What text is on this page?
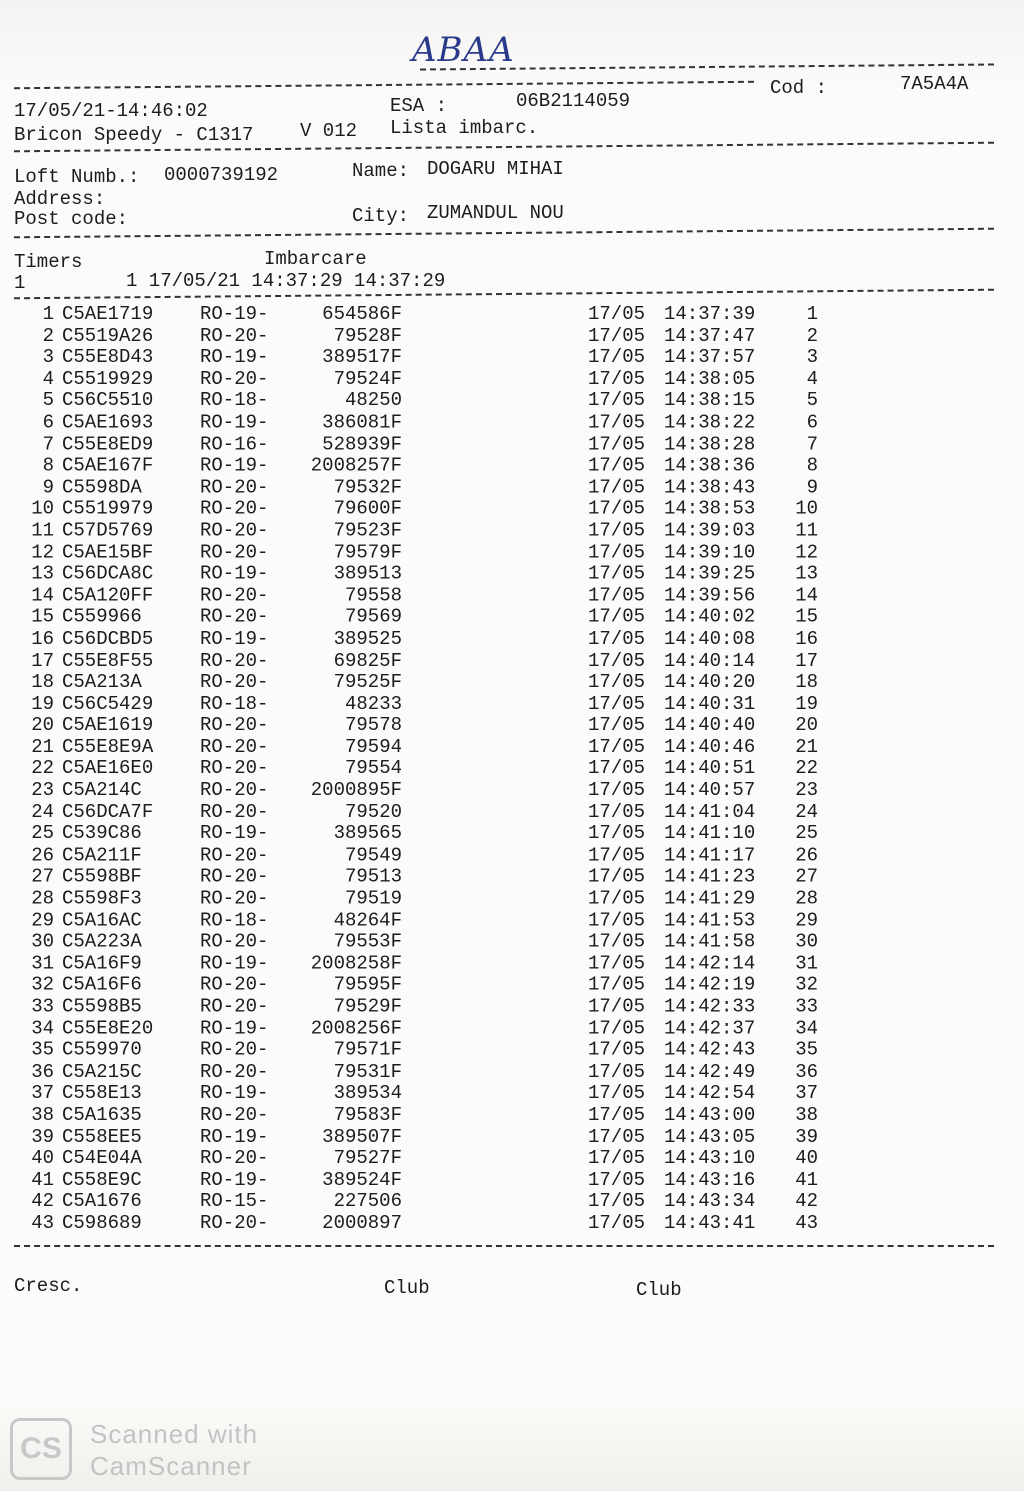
ABAA
Cod :	7A5A4A
17/05/21-14:46:02	ESA :	06B2114059
Bricon Speedy - C1317 V 012 Lista imbarc.
Loft Numb.: 0000739192	Name: DOGARU MIHAI
Address:
Post code:	City: ZUMANDUL NOU
Timers	Imbarcare
1	1 17/05/21 14:37:29 14:37:29
1 C5AE1719 RO-19-	654586F	17/05 14:37:39	1
2 C5519A26 RO-20-	79528F	17/05 14:37:47	2
3 C55E8D43 RO-19-	389517F	17/05 14:37:57	3
4 C5519929 RO-20-	79524F	17/05 14:38:05	4
5 C56C5510 RO-18-	48250	17/05 14:38:15	5
6 C5AE1693 RO-19-	386081F	17/05 14:38:22	6
7 C55E8ED9 RO-16-	528939F	17/05 14:38:28	7
8 C5AE167F RO-19-	2008257F	17/05 14:38:36	8
9 C5598DA	RO-20-	79532F	17/05 14:38:43	9
10 C5519979 RO-20-	79600F	17/05 14:38:53	10
11 C57D5769 RO-20-	79523F	17/05 14:39:03	11
12 C5AE15BF RO-20-	79579F	17/05 14:39:10	12
13 C56DCA8C RO-19-	389513	17/05 14:39:25	13
14 C5A120FF RO-20-	79558	17/05 14:39:56	14
15 C559966	RO-20-	79569	17/05 14:40:02	15
16 C56DCBD5 RO-19-	389525	17/05 14:40:08	16
17 C55E8F55 RO-20-	69825F	17/05 14:40:14	17
18 C5A213A	RO-20-	79525F	17/05 14:40:20	18
19 C56C5429 RO-18-	48233	17/05 14:40:31	19
20 C5AE1619 RO-20-	79578	17/05 14:40:40	20
21 C55E8E9A RO-20-	79594	17/05 14:40:46	21
22 C5AE16E0 RO-20-	79554	17/05 14:40:51	22
23 C5A214C	RO-20-	2000895F	17/05 14:40:57	23
24 C56DCA7F RO-20-	79520	17/05 14:41:04	24
25 C539C86	RO-19-	389565	17/05 14:41:10	25
26 C5A211F	RO-20-	79549	17/05 14:41:17	26
27 C5598BF	RO-20-	79513	17/05 14:41:23	27
28 C5598F3	RO-20-	79519	17/05 14:41:29	28
29 C5A16AC	RO-18-	48264F	17/05 14:41:53	29
30 C5A223A	RO-20-	79553F	17/05 14:41:58	30
31 C5A16F9	RO-19-	2008258F	17/05 14:42:14	31
32 C5A16F6	RO-20-	79595F	17/05 14:42:19	32
33 C5598B5	RO-20-	79529F	17/05 14:42:33	33
34 C55E8E20 RO-19-	2008256F	17/05 14:42:37	34
35 C559970	RO-20-	79571F	17/05 14:42:43	35
36 C5A215C	RO-20-	79531F	17/05 14:42:49	36
37 C558E13	RO-19-	389534	17/05 14:42:54	37
38 C5A1635	RO-20-	79583F	17/05 14:43:00	38
39 C558EE5	RO-19-	389507F	17/05 14:43:05	39
40 C54E04A	RO-20-	79527F	17/05 14:43:10	40
41 C558E9C	RO-19-	389524F	17/05 14:43:16	41
42 C5A1676	RO-15-	227506	17/05 14:43:34	42
43 C598689	RO-20-	2000897	17/05 14:43:41	43
Cresc.	Club	Club
CS	Scanned with
CamScanner
